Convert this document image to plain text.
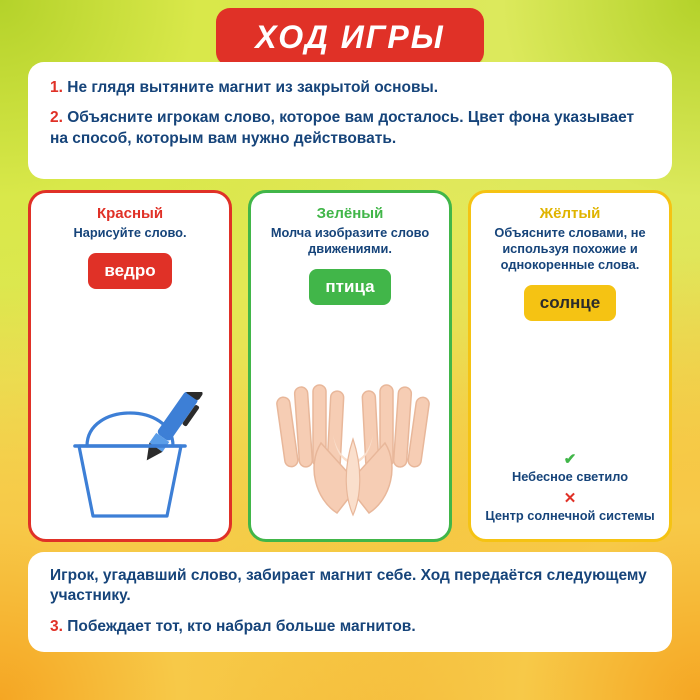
ХОД ИГРЫ

1. Не глядя вытяните магнит из закрытой основы.

2. Объясните игрокам слово, которое вам досталось. Цвет фона указывает на способ, которым вам нужно действовать.

Красный
Нарисуйте слово.
ведро
Зелёный
Молча изобразите слово движениями.
птица
Жёлтый
Объясните словами, не используя похожие и однокоренные слова.
солнце
✔
Небесное светило
✕
Центр солнечной системы

Игрок, угадавший слово, забирает магнит себе. Ход передаётся следующему участнику.

3. Побеждает тот, кто набрал больше магнитов.
